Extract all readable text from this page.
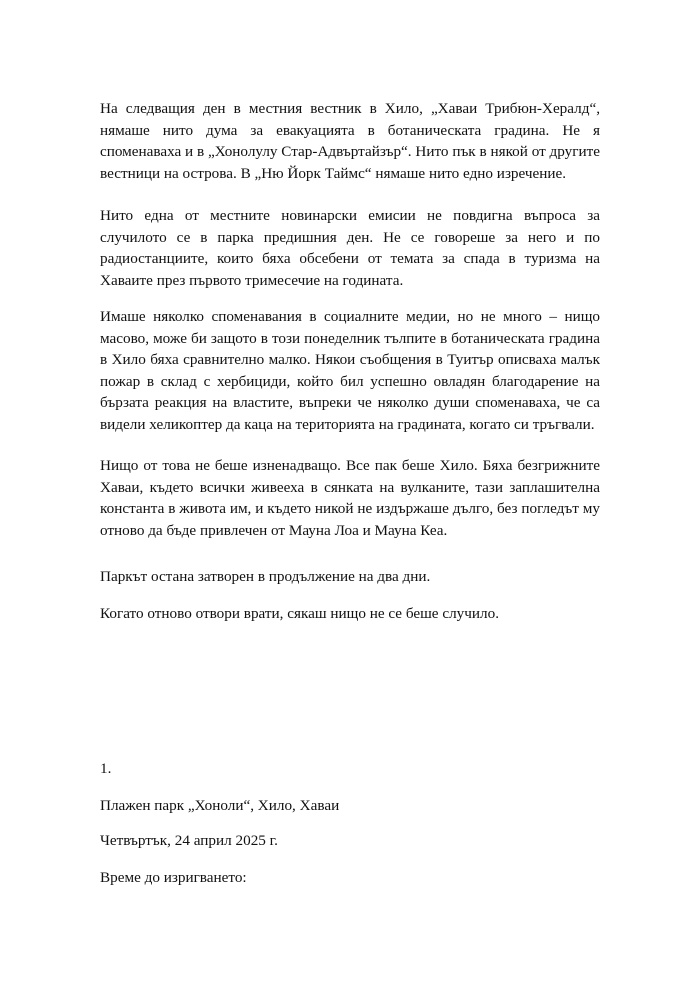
На следващия ден в местния вестник в Хило, „Хаваи Трибюн-Хералд“, нямаше нито дума за евакуацията в ботаническата градина. Не я споменаваха и в „Хонолулу Стар-Адвъртайзър“. Нито пък в някой от другите вестници на острова. В „Ню Йорк Таймс“ нямаше нито едно изречение.

Нито една от местните новинарски емисии не повдигна въпроса за случилото се в парка предишния ден. Не се говореше за него и по радиостанциите, които бяха обсебени от темата за спада в туризма на Хаваите през първото тримесечие на годината.

Имаше няколко споменавания в социалните медии, но не много – нищо масово, може би защото в този понеделник тълпите в ботаническата градина в Хило бяха сравнително малко. Някои съобщения в Туитър описваха малък пожар в склад с хербициди, който бил успешно овладян благодарение на бързата реакция на властите, въпреки че няколко души споменаваха, че са видели хеликоптер да каца на територията на градината, когато си тръгвали.

Нищо от това не беше изненадващо. Все пак беше Хило. Бяха безгрижните Хаваи, където всички живееха в сянката на вулканите, тази заплашителна константа в живота им, и където никой не издържаше дълго, без погледът му отново да бъде привлечен от Мауна Лоа и Мауна Кеа.

Паркът остана затворен в продължение на два дни.

Когато отново отвори врати, сякаш нищо не се беше случило.

1.

Плажен парк „Хоноли“, Хило, Хаваи

Четвъртък, 24 април 2025 г.

Време до изригването:
